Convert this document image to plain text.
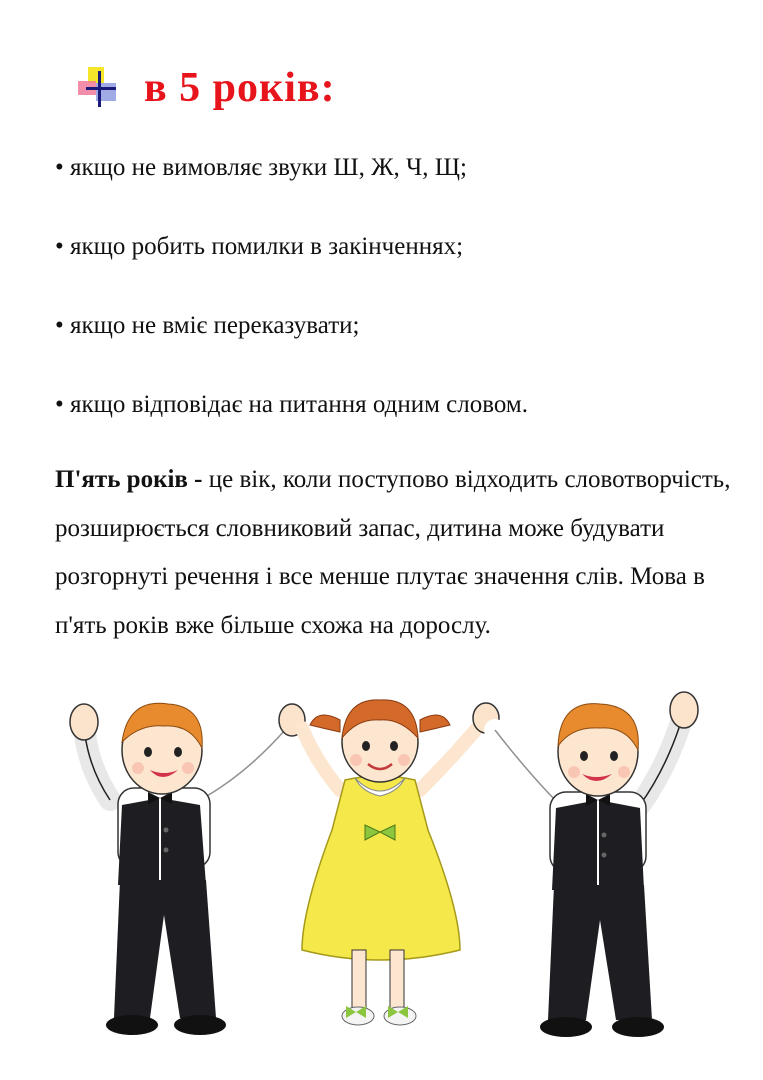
в 5 років:
• якщо не вимовляє звуки Ш, Ж, Ч, Щ;
• якщо робить помилки в закінченнях;
• якщо не вміє переказувати;
• якщо відповідає на питання одним словом.

П'ять років - це вік, коли поступово відходить словотворчість, розширюється словниковий запас, дитина може будувати розгорнуті речення і все менше плутає значення слів. Мова в п'ять років вже більше схожа на дорослу.
